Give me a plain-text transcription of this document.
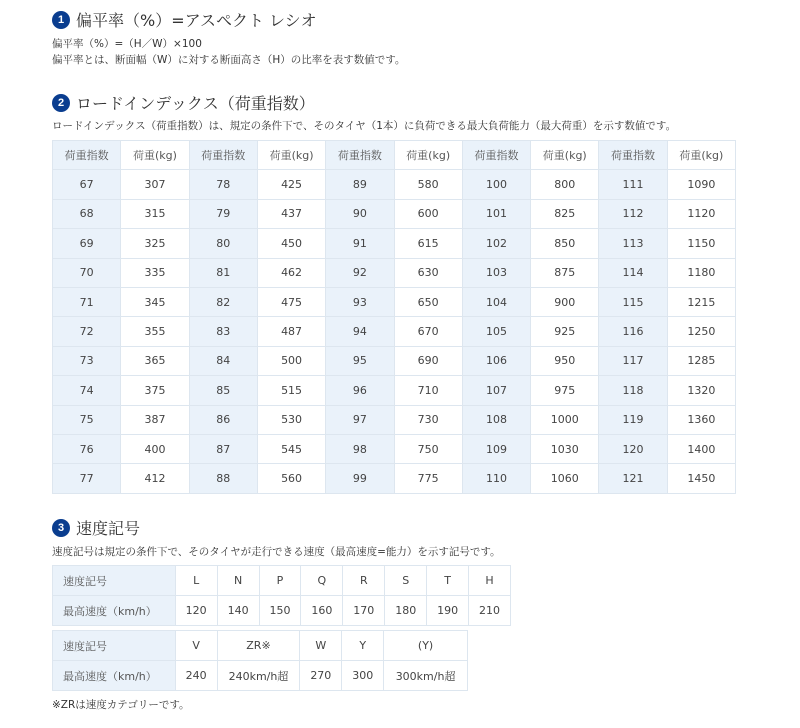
1 偏平率（%）=アスペクト レシオ
偏平率（%）=（H／W）×100
偏平率とは、断面幅（W）に対する断面高さ（H）の比率を表す数値です。
2 ロードインデックス（荷重指数）
ロードインデックス（荷重指数）は、規定の条件下で、そのタイヤ（1本）に負荷できる最大負荷能力（最大荷重）を示す数値です。
荷重指数	荷重(kg)	荷重指数	荷重(kg)	荷重指数	荷重(kg)	荷重指数	荷重(kg)	荷重指数	荷重(kg)
67	307	78	425	89	580	100	800	111	1090
68	315	79	437	90	600	101	825	112	1120
69	325	80	450	91	615	102	850	113	1150
70	335	81	462	92	630	103	875	114	1180
71	345	82	475	93	650	104	900	115	1215
72	355	83	487	94	670	105	925	116	1250
73	365	84	500	95	690	106	950	117	1285
74	375	85	515	96	710	107	975	118	1320
75	387	86	530	97	730	108	1000	119	1360
76	400	87	545	98	750	109	1030	120	1400
77	412	88	560	99	775	110	1060	121	1450
3 速度記号
速度記号は規定の条件下で、そのタイヤが走行できる速度（最高速度=能力）を示す記号です。
速度記号	L	N	P	Q	R	S	T	H
最高速度（km/h）	120	140	150	160	170	180	190	210
速度記号	V	ZR※	W	Y	(Y)
最高速度（km/h）	240	240km/h超	270	300	300km/h超
※ZRは速度カテゴリーです。
